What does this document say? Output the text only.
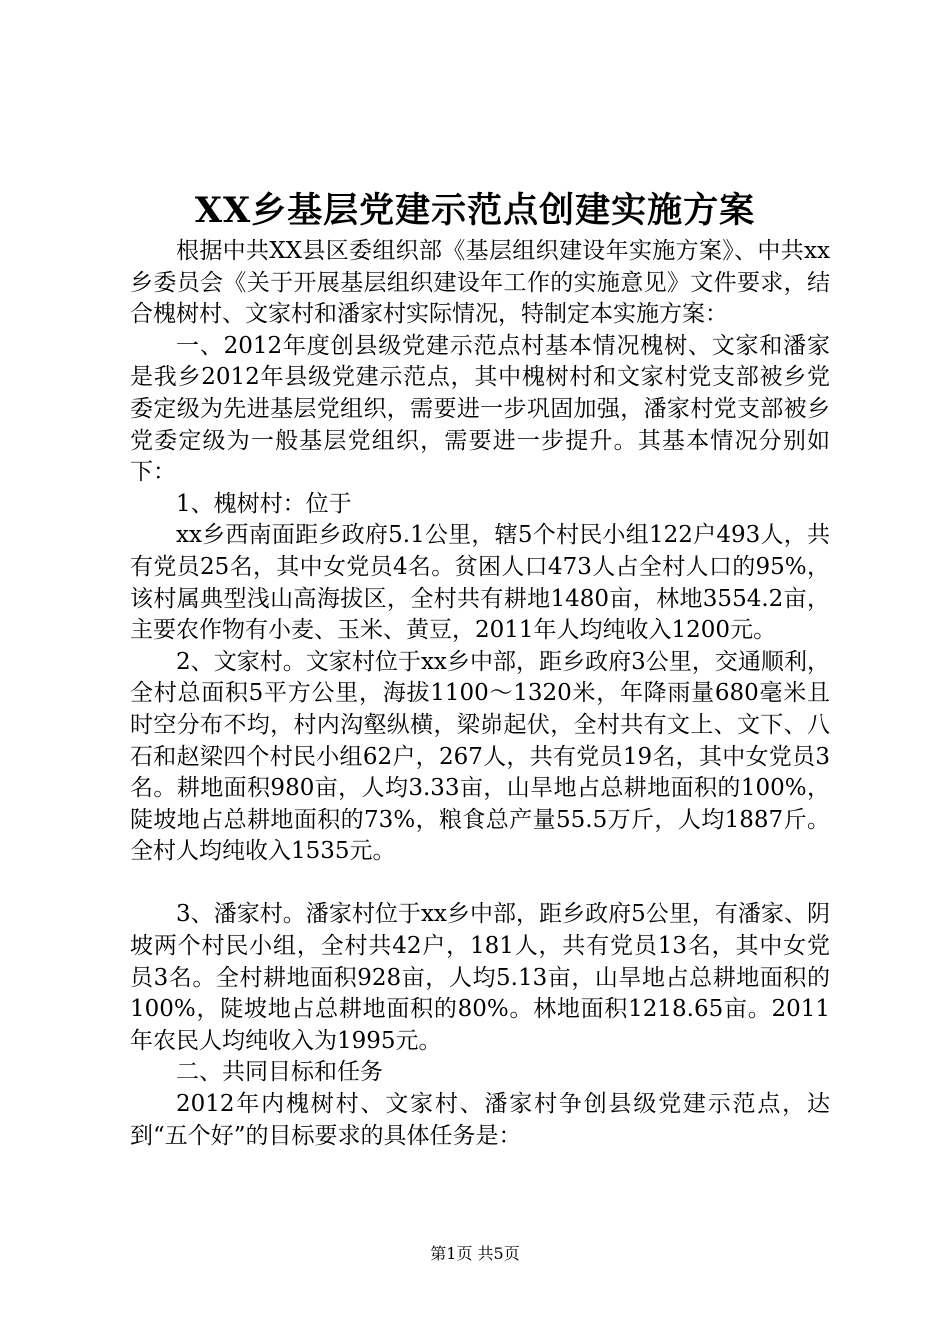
XX乡基层党建示范点创建实施方案

根据中共XX县区委组织部《基层组织建设年实施方案》、中共xx乡委员会《关于开展基层组织建设年工作的实施意见》文件要求，结合槐树村、文家村和潘家村实际情况，特制定本实施方案：

一、2012年度创县级党建示范点村基本情况槐树、文家和潘家是我乡2012年县级党建示范点，其中槐树村和文家村党支部被乡党委定级为先进基层党组织，需要进一步巩固加强，潘家村党支部被乡党委定级为一般基层党组织，需要进一步提升。其基本情况分别如下：

1、槐树村：位于

xx乡西南面距乡政府5.1公里，辖5个村民小组122户493人，共有党员25名，其中女党员4名。贫困人口473人占全村人口的95%，该村属典型浅山高海拔区，全村共有耕地1480亩，林地3554.2亩，主要农作物有小麦、玉米、黄豆，2011年人均纯收入1200元。

2、文家村。文家村位于xx乡中部，距乡政府3公里，交通顺利，全村总面积5平方公里，海拔1100～1320米，年降雨量680毫米且时空分布不均，村内沟壑纵横，梁峁起伏，全村共有文上、文下、八石和赵梁四个村民小组62户，267人，共有党员19名，其中女党员3名。耕地面积980亩，人均3.33亩，山旱地占总耕地面积的100%，陡坡地占总耕地面积的73%，粮食总产量55.5万斤，人均1887斤。全村人均纯收入1535元。

3、潘家村。潘家村位于xx乡中部，距乡政府5公里，有潘家、阴坡两个村民小组，全村共42户，181人，共有党员13名，其中女党员3名。全村耕地面积928亩，人均5.13亩，山旱地占总耕地面积的100%，陡坡地占总耕地面积的80%。林地面积1218.65亩。2011年农民人均纯收入为1995元。

二、共同目标和任务

2012年内槐树村、文家村、潘家村争创县级党建示范点，达到“五个好”的目标要求的具体任务是：

第1页 共5页
